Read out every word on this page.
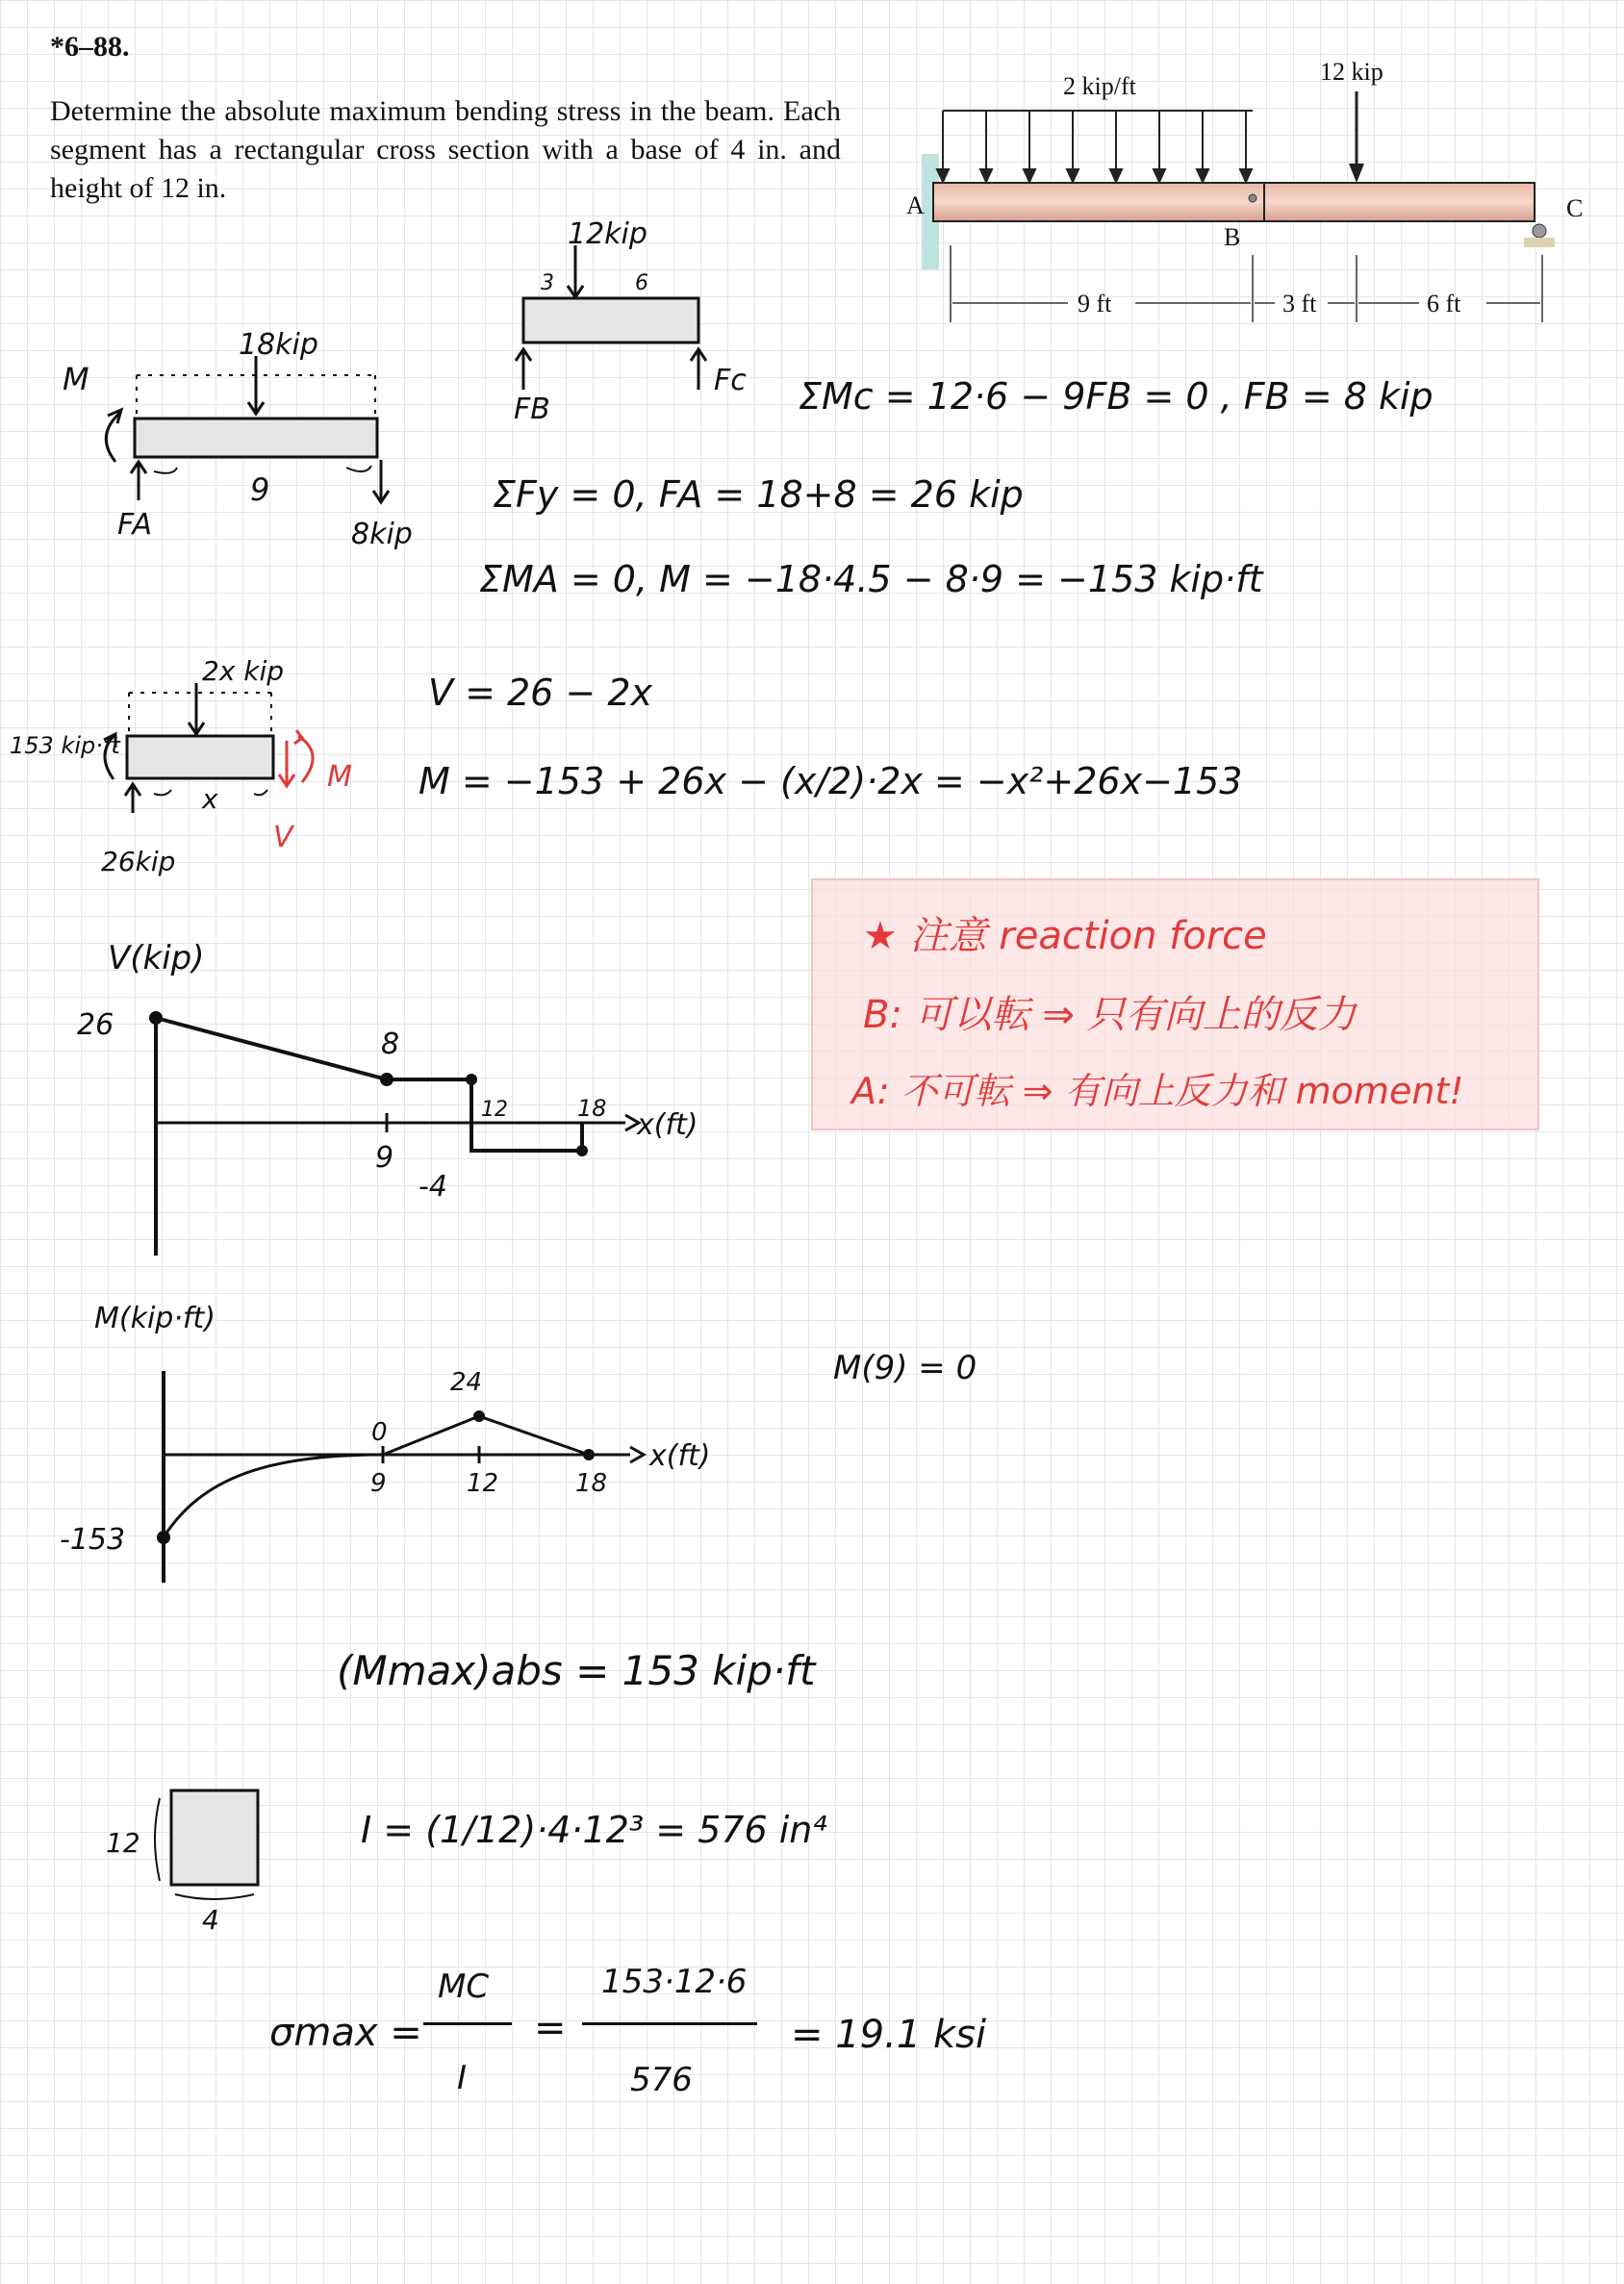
*6–88.
Determine the absolute maximum bending stress in the beam. Each segment has a rectangular cross section with a base of 4 in. and height of 12 in.
2 kip/ft
12 kip
A
B
C
9 ft	3 ft	6 ft
12kip
3	6
FB
Fc
18kip
M
FA
9
8kip
ΣMc = 12·6 − 9FB = 0 , FB = 8 kip
ΣFy = 0, FA = 18+8 = 26 kip
ΣMA = 0, M = −18·4.5 − 8·9 = −153 kip·ft
V = 26 − 2x
M = −153 + 26x − (x/2)·2x = −x²+26x−153
2x kip
153 kip·ft
26kip
x
M
V
★ 注意 reaction force
B: 可以転 ⇒ 只有向上的反力
A: 不可転 ⇒ 有向上反力和 moment!
V(kip)
26
8
9
-4
12	18 x(ft)
M(kip·ft)
0
24
9	12	18
x(ft)
-153
M(9) = 0
(Mmax)abs = 153 kip·ft
12
4
I = (1/12)·4·12³ = 576 in⁴
σmax =
MC
I
=
153·12·6
576
= 19.1 ksi
